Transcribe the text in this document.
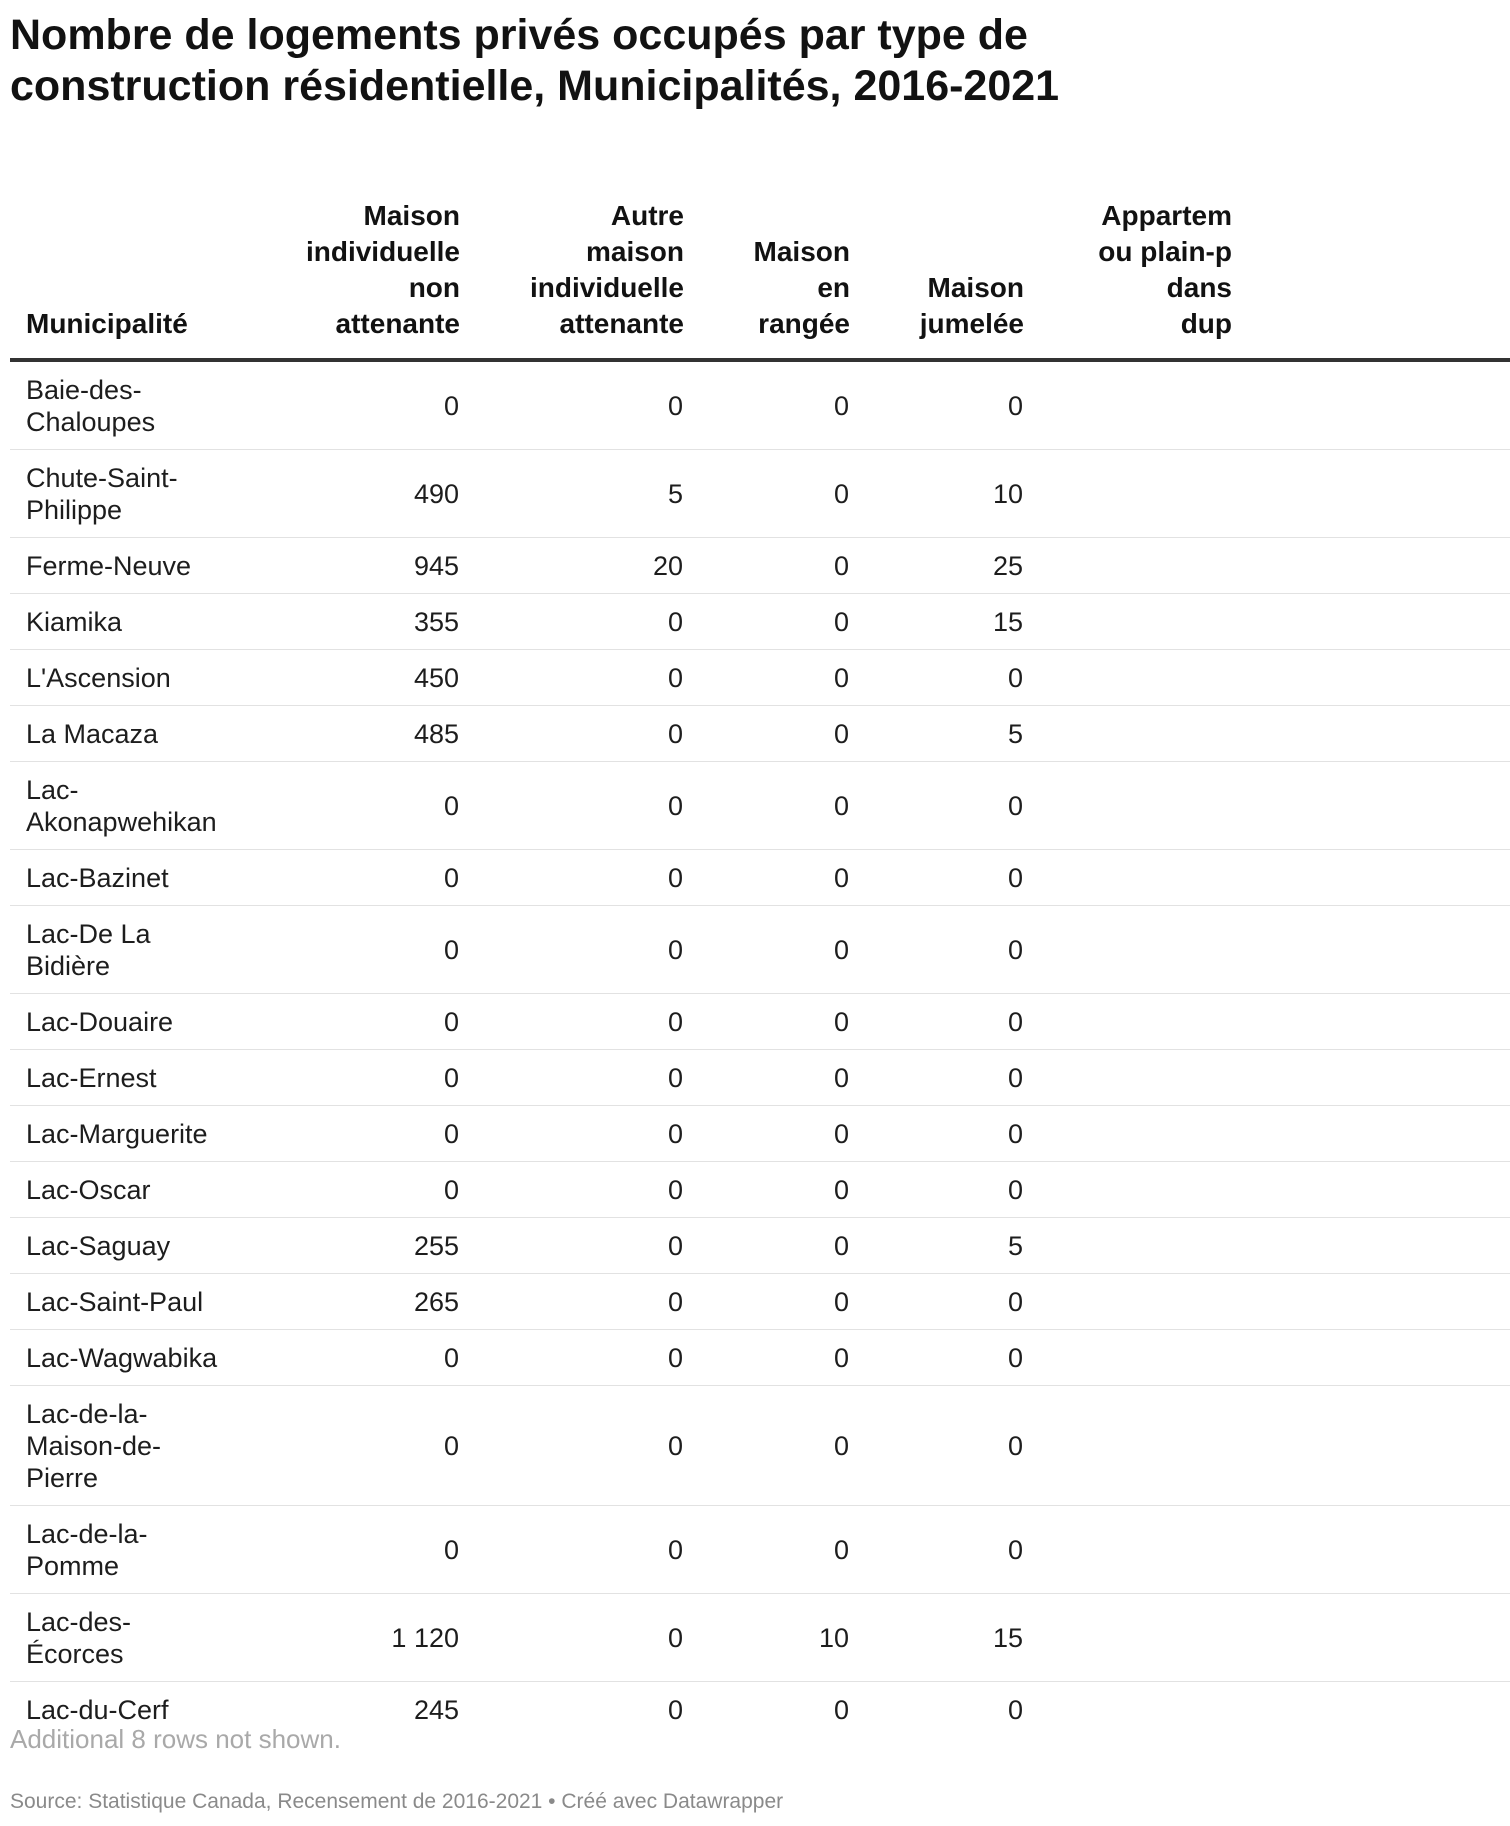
Nombre de logements privés occupés par type de construction résidentielle, Municipalités, 2016-2021
Municipalité	Maison
individuelle
non
attenante	Autre
maison
individuelle
attenante	Maison
en
rangée	Maison
jumelée	Appartem
ou plain-p
dans
dup

Baie-des-
Chaloupes	0	0	0	0	

Chute-Saint-
Philippe	490	5	0	10	

Ferme-Neuve	945	20	0	25	

Kiamika	355	0	0	15	

L'Ascension	450	0	0	0	

La Macaza	485	0	0	5	

Lac-
Akonapwehikan	0	0	0	0	

Lac-Bazinet	0	0	0	0	

Lac-De La
Bidière	0	0	0	0	

Lac-Douaire	0	0	0	0	

Lac-Ernest	0	0	0	0	

Lac-Marguerite	0	0	0	0	

Lac-Oscar	0	0	0	0	

Lac-Saguay	255	0	0	5	

Lac-Saint-Paul	265	0	0	0	

Lac-Wagwabika	0	0	0	0	

Lac-de-la-
Maison-de-
Pierre	0	0	0	0	

Lac-de-la-
Pomme	0	0	0	0	

Lac-des-
Écorces	1 120	0	10	15	

Lac-du-Cerf	245	0	0	0	
Additional 8 rows not shown.
Source: Statistique Canada, Recensement de 2016-2021 • Créé avec Datawrapper
